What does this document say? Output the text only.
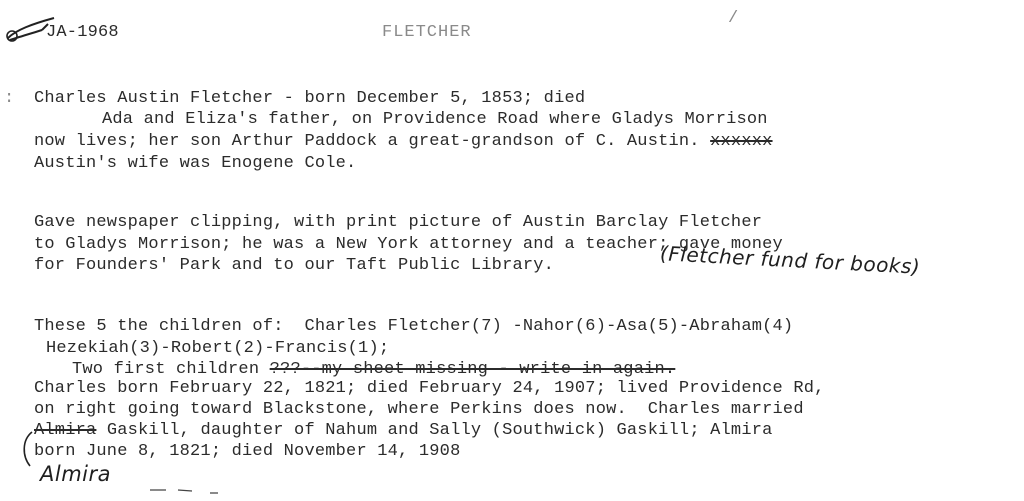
JA-1968	FLETCHER
/
: Charles Austin Fletcher - born December 5, 1853; died
Ada and Eliza's father, on Providence Road where Gladys Morrison
now lives; her son Arthur Paddock a great-grandson of C. Austin. xxxxxx
Austin's wife was Enogene Cole.
Gave newspaper clipping, with print picture of Austin Barclay Fletcher
to Gladys Morrison; he was a New York attorney and a teacher; gave money
for Founders' Park and to our Taft Public Library.	(Fletcher fund for books)
These 5 the children of:  Charles Fletcher(7) -Nahor(6)-Asa(5)-Abraham(4)
Hezekiah(3)-Robert(2)-Francis(1);
Two first children ???--my sheet missing - write in again.
Charles born February 22, 1821; died February 24, 1907; lived Providence Rd,
on right going toward Blackstone, where Perkins does now.  Charles married
Almira Gaskill, daughter of Nahum and Sally (Southwick) Gaskill; Almira
born June 8, 1821; died November 14, 1908
Almira
